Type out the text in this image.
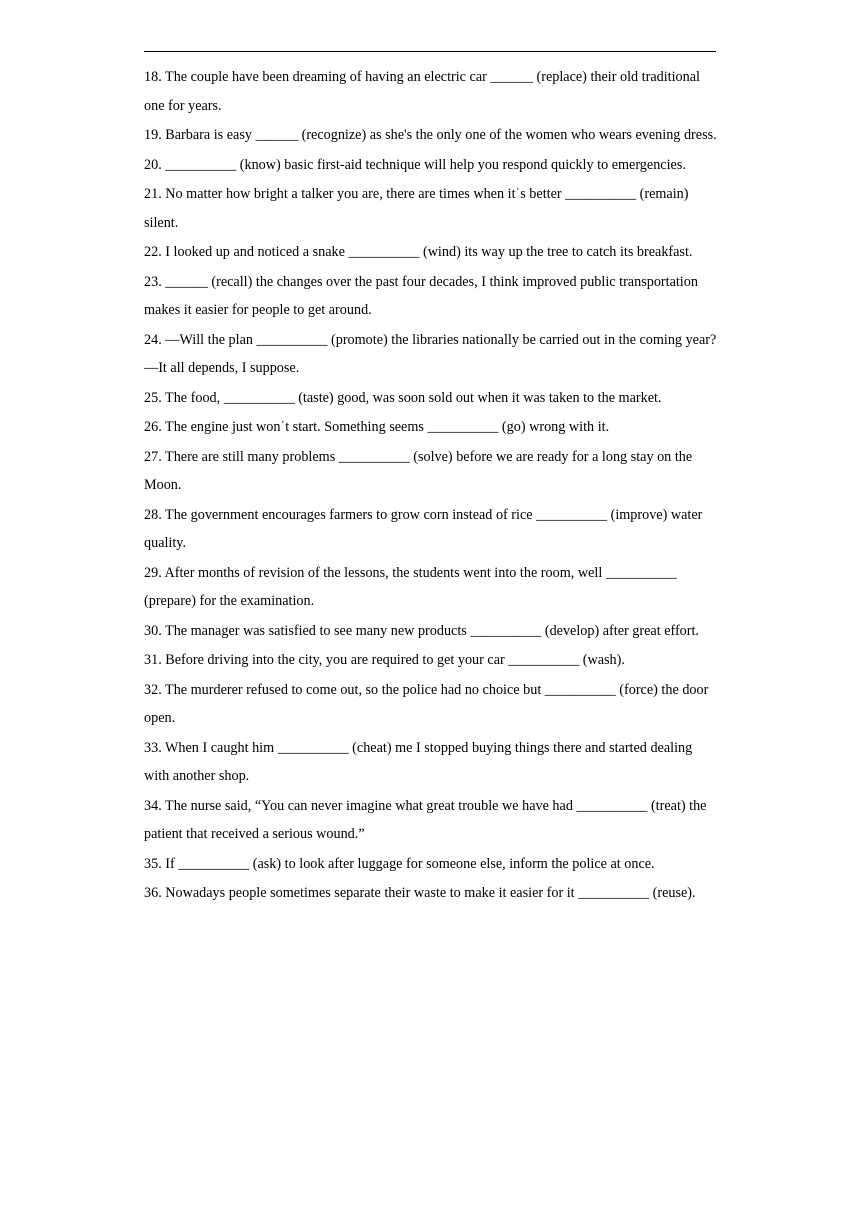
18. The couple have been dreaming of having an electric car ______ (replace) their old traditional one for years.
19. Barbara is easy ______ (recognize) as she's the only one of the women who wears evening dress.
20. __________ (know) basic first-aid technique will help you respond quickly to emergencies.
21. No matter how bright a talker you are, there are times when itˈs better __________ (remain) silent.
22. I looked up and noticed a snake __________ (wind) its way up the tree to catch its breakfast.
23. ______ (recall) the changes over the past four decades, I think improved public transportation makes it easier for people to get around.
24. —Will the plan __________ (promote) the libraries nationally be carried out in the coming year? —It all depends, I suppose.
25. The food, __________ (taste) good, was soon sold out when it was taken to the market.
26. The engine just wonˈt start. Something seems __________ (go) wrong with it.
27. There are still many problems __________ (solve) before we are ready for a long stay on the Moon.
28. The government encourages farmers to grow corn instead of rice __________ (improve) water quality.
29. After months of revision of the lessons, the students went into the room, well __________ (prepare) for the examination.
30. The manager was satisfied to see many new products __________ (develop) after great effort.
31. Before driving into the city, you are required to get your car __________ (wash).
32. The murderer refused to come out, so the police had no choice but __________ (force) the door open.
33. When I caught him __________ (cheat) me I stopped buying things there and started dealing with another shop.
34. The nurse said, “You can never imagine what great trouble we have had __________ (treat) the patient that received a serious wound.”
35. If __________ (ask) to look after luggage for someone else, inform the police at once.
36. Nowadays people sometimes separate their waste to make it easier for it __________ (reuse).
